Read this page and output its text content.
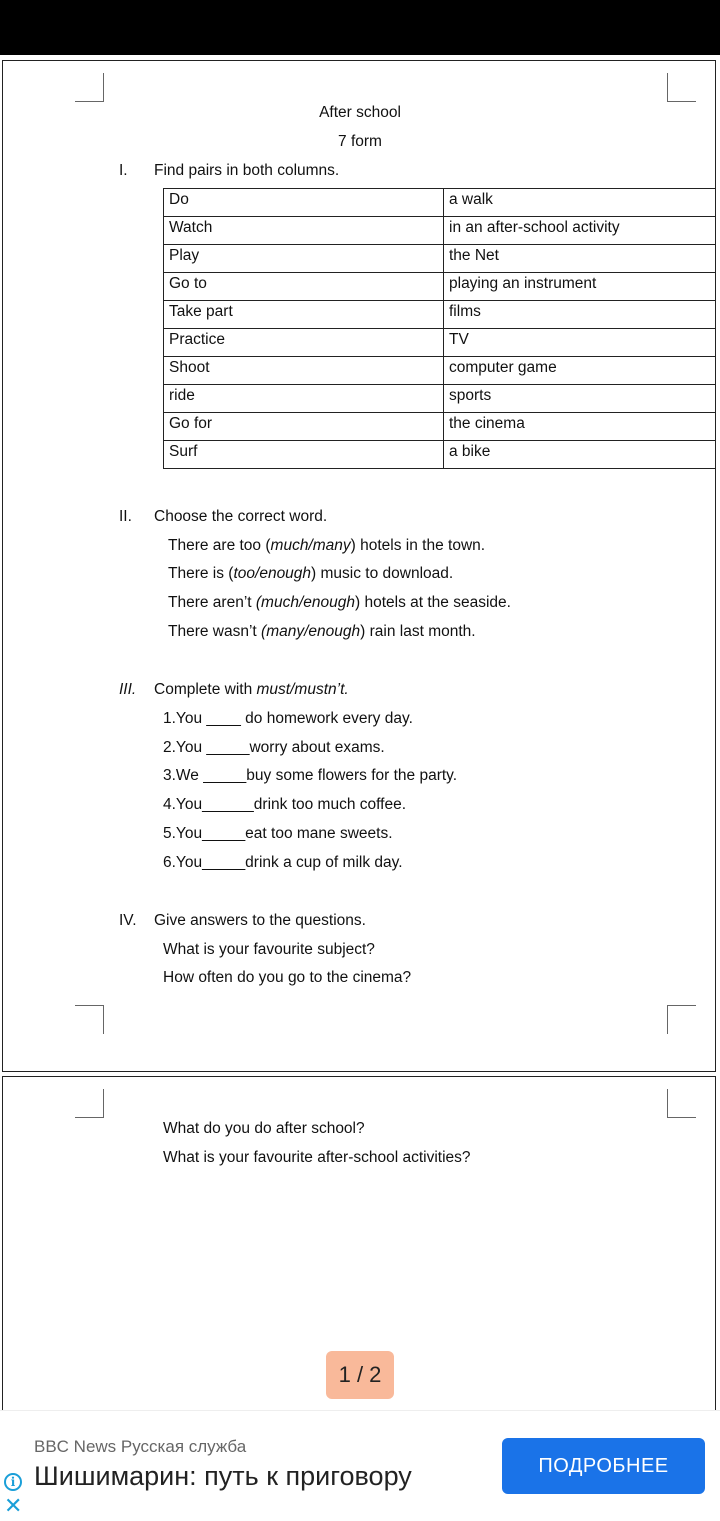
After school
7 form
I. Find pairs in both columns.
Do	a walk
Watch	in an after-school activity
Play	the Net
Go to	playing an instrument
Take part	films
Practice	TV
Shoot	computer game
ride	sports
Go for	the cinema
Surf	a bike
II. Choose the correct word.
There are too (much/many) hotels in the town.
There is (too/enough) music to download.
There aren’t (much/enough) hotels at the seaside.
There wasn’t (many/enough) rain last month.
III. Complete with must/mustn’t.
1.You ____ do homework every day.
2.You _____worry about exams.
3.We _____buy some flowers for the party.
4.You______drink too much coffee.
5.You_____eat too mane sweets.
6.You_____drink a cup of milk day.
IV. Give answers to the questions.
What is your favourite subject?
How often do you go to the cinema?
What do you do after school?
What is your favourite after-school activities?
1 / 2
BBC News Русская служба
Шишимарин: путь к приговору	ПОДРОБНЕЕ
i
✕
